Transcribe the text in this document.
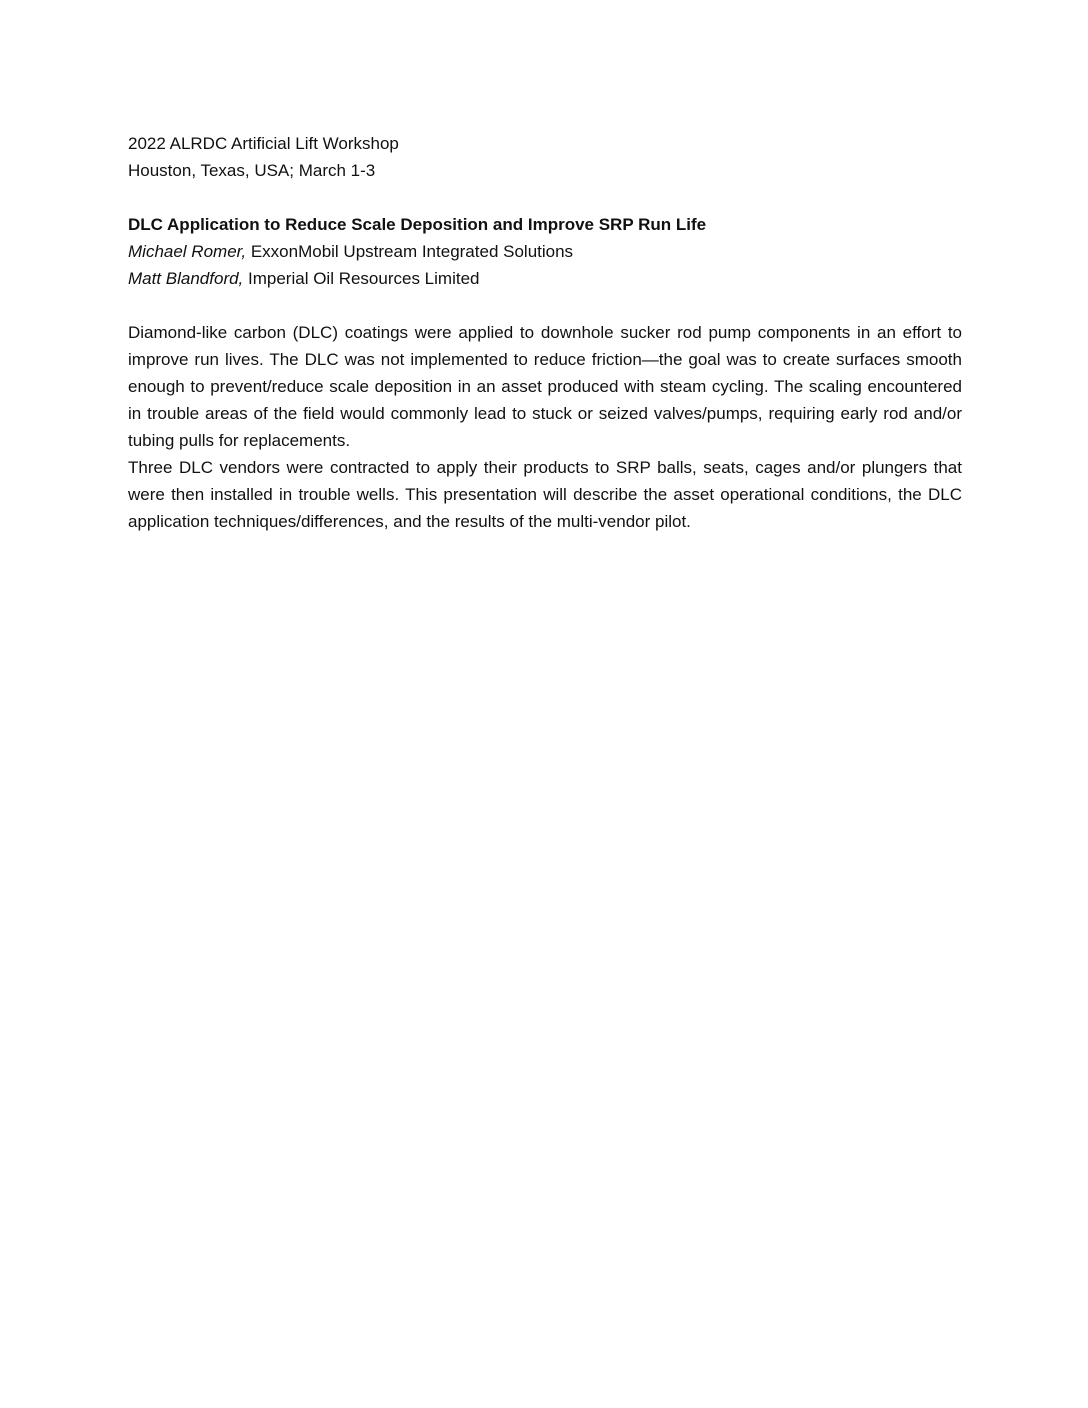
2022 ALRDC Artificial Lift Workshop

Houston, Texas, USA; March 1-3

DLC Application to Reduce Scale Deposition and Improve SRP Run Life

Michael Romer, ExxonMobil Upstream Integrated Solutions

Matt Blandford, Imperial Oil Resources Limited

Diamond-like carbon (DLC) coatings were applied to downhole sucker rod pump components in an effort to improve run lives. The DLC was not implemented to reduce friction—the goal was to create surfaces smooth enough to prevent/reduce scale deposition in an asset produced with steam cycling. The scaling encountered in trouble areas of the field would commonly lead to stuck or seized valves/pumps, requiring early rod and/or tubing pulls for replacements.

Three DLC vendors were contracted to apply their products to SRP balls, seats, cages and/or plungers that were then installed in trouble wells. This presentation will describe the asset operational conditions, the DLC application techniques/differences, and the results of the multi-vendor pilot.
